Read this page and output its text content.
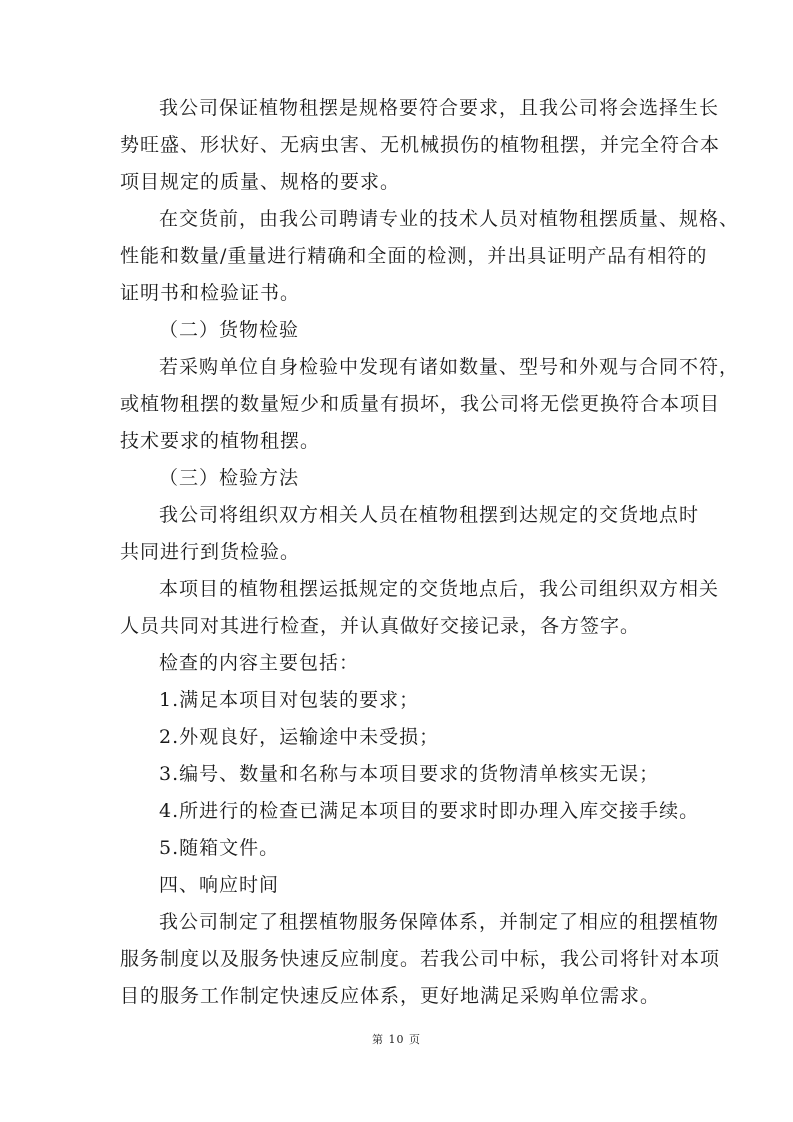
我公司保证植物租摆是规格要符合要求，且我公司将会选择生长
势旺盛、形状好、无病虫害、无机械损伤的植物租摆，并完全符合本
项目规定的质量、规格的要求。
在交货前，由我公司聘请专业的技术人员对植物租摆质量、规格、
性能和数量/重量进行精确和全面的检测，并出具证明产品有相符的
证明书和检验证书。
（二）货物检验
若采购单位自身检验中发现有诸如数量、型号和外观与合同不符，
或植物租摆的数量短少和质量有损坏，我公司将无偿更换符合本项目
技术要求的植物租摆。
（三）检验方法
我公司将组织双方相关人员在植物租摆到达规定的交货地点时
共同进行到货检验。
本项目的植物租摆运抵规定的交货地点后，我公司组织双方相关
人员共同对其进行检查，并认真做好交接记录，各方签字。
检查的内容主要包括：
1.满足本项目对包装的要求；
2.外观良好，运输途中未受损；
3.编号、数量和名称与本项目要求的货物清单核实无误；
4.所进行的检查已满足本项目的要求时即办理入库交接手续。
5.随箱文件。
四、响应时间
我公司制定了租摆植物服务保障体系，并制定了相应的租摆植物
服务制度以及服务快速反应制度。若我公司中标，我公司将针对本项
目的服务工作制定快速反应体系，更好地满足采购单位需求。
第 10 页
